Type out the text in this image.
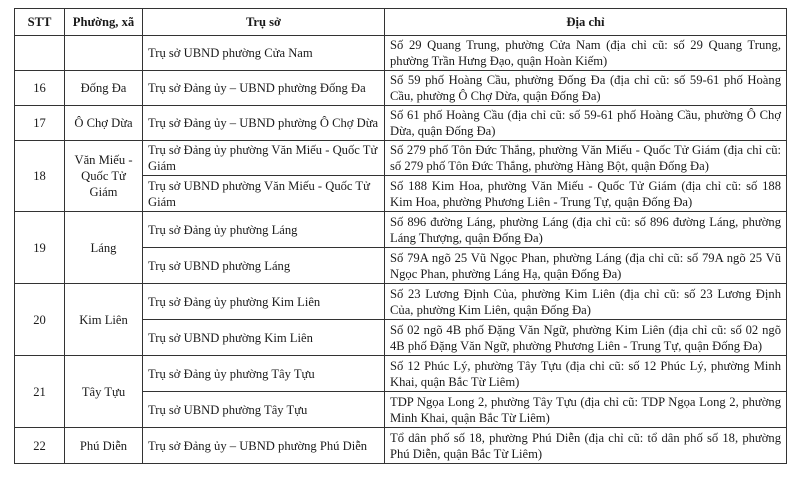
STT	Phường, xã	Trụ sở	Địa chỉ
		Trụ sở UBND phường Cửa Nam	Số 29 Quang Trung, phường Cửa Nam (địa chỉ cũ: số 29 Quang Trung, phường Trần Hưng Đạo, quận Hoàn Kiếm)
16	Đống Đa	Trụ sở Đảng ủy – UBND phường Đống Đa	Số 59 phố Hoàng Cầu, phường Đống Đa (địa chỉ cũ: số 59-61 phố Hoàng Cầu, phường Ô Chợ Dừa, quận Đống Đa)
17	Ô Chợ Dừa	Trụ sở Đảng ủy – UBND phường Ô Chợ Dừa	Số 61 phố Hoàng Cầu (địa chỉ cũ: số 59-61 phố Hoàng Cầu, phường Ô Chợ Dừa, quận Đống Đa)
18	Văn Miếu - Quốc Tử Giám	Trụ sở Đảng ủy phường Văn Miếu - Quốc Tử Giám	Số 279 phố Tôn Đức Thắng, phường Văn Miếu - Quốc Tử Giám (địa chỉ cũ: số 279 phố Tôn Đức Thắng, phường Hàng Bột, quận Đống Đa)
		Trụ sở UBND phường Văn Miếu - Quốc Tử Giám	Số 188 Kim Hoa, phường Văn Miếu - Quốc Tử Giám (địa chỉ cũ: số 188 Kim Hoa, phường Phương Liên - Trung Tự, quận Đống Đa)
19	Láng	Trụ sở Đảng ủy phường Láng	Số 896 đường Láng, phường Láng (địa chỉ cũ: số 896 đường Láng, phường Láng Thượng, quận Đống Đa)
		Trụ sở UBND phường Láng	Số 79A ngõ 25 Vũ Ngọc Phan, phường Láng (địa chỉ cũ: số 79A ngõ 25 Vũ Ngọc Phan, phường Láng Hạ, quận Đống Đa)
20	Kim Liên	Trụ sở Đảng ủy phường Kim Liên	Số 23 Lương Định Của, phường Kim Liên (địa chỉ cũ: số 23 Lương Định Của, phường Kim Liên, quận Đống Đa)
		Trụ sở UBND phường Kim Liên	Số 02 ngõ 4B phố Đặng Văn Ngữ, phường Kim Liên (địa chỉ cũ: số 02 ngõ 4B phố Đặng Văn Ngữ, phường Phương Liên - Trung Tự, quận Đống Đa)
21	Tây Tựu	Trụ sở Đảng ủy phường Tây Tựu	Số 12 Phúc Lý, phường Tây Tựu (địa chỉ cũ: số 12 Phúc Lý, phường Minh Khai, quận Bắc Từ Liêm)
		Trụ sở UBND phường Tây Tựu	TDP Ngọa Long 2, phường Tây Tựu (địa chỉ cũ: TDP Ngọa Long 2, phường Minh Khai, quận Bắc Từ Liêm)
22	Phú Diễn	Trụ sở Đảng ủy – UBND phường Phú Diễn	Tổ dân phố số 18, phường Phú Diễn (địa chỉ cũ: tổ dân phố số 18, phường Phú Diễn, quận Bắc Từ Liêm)
